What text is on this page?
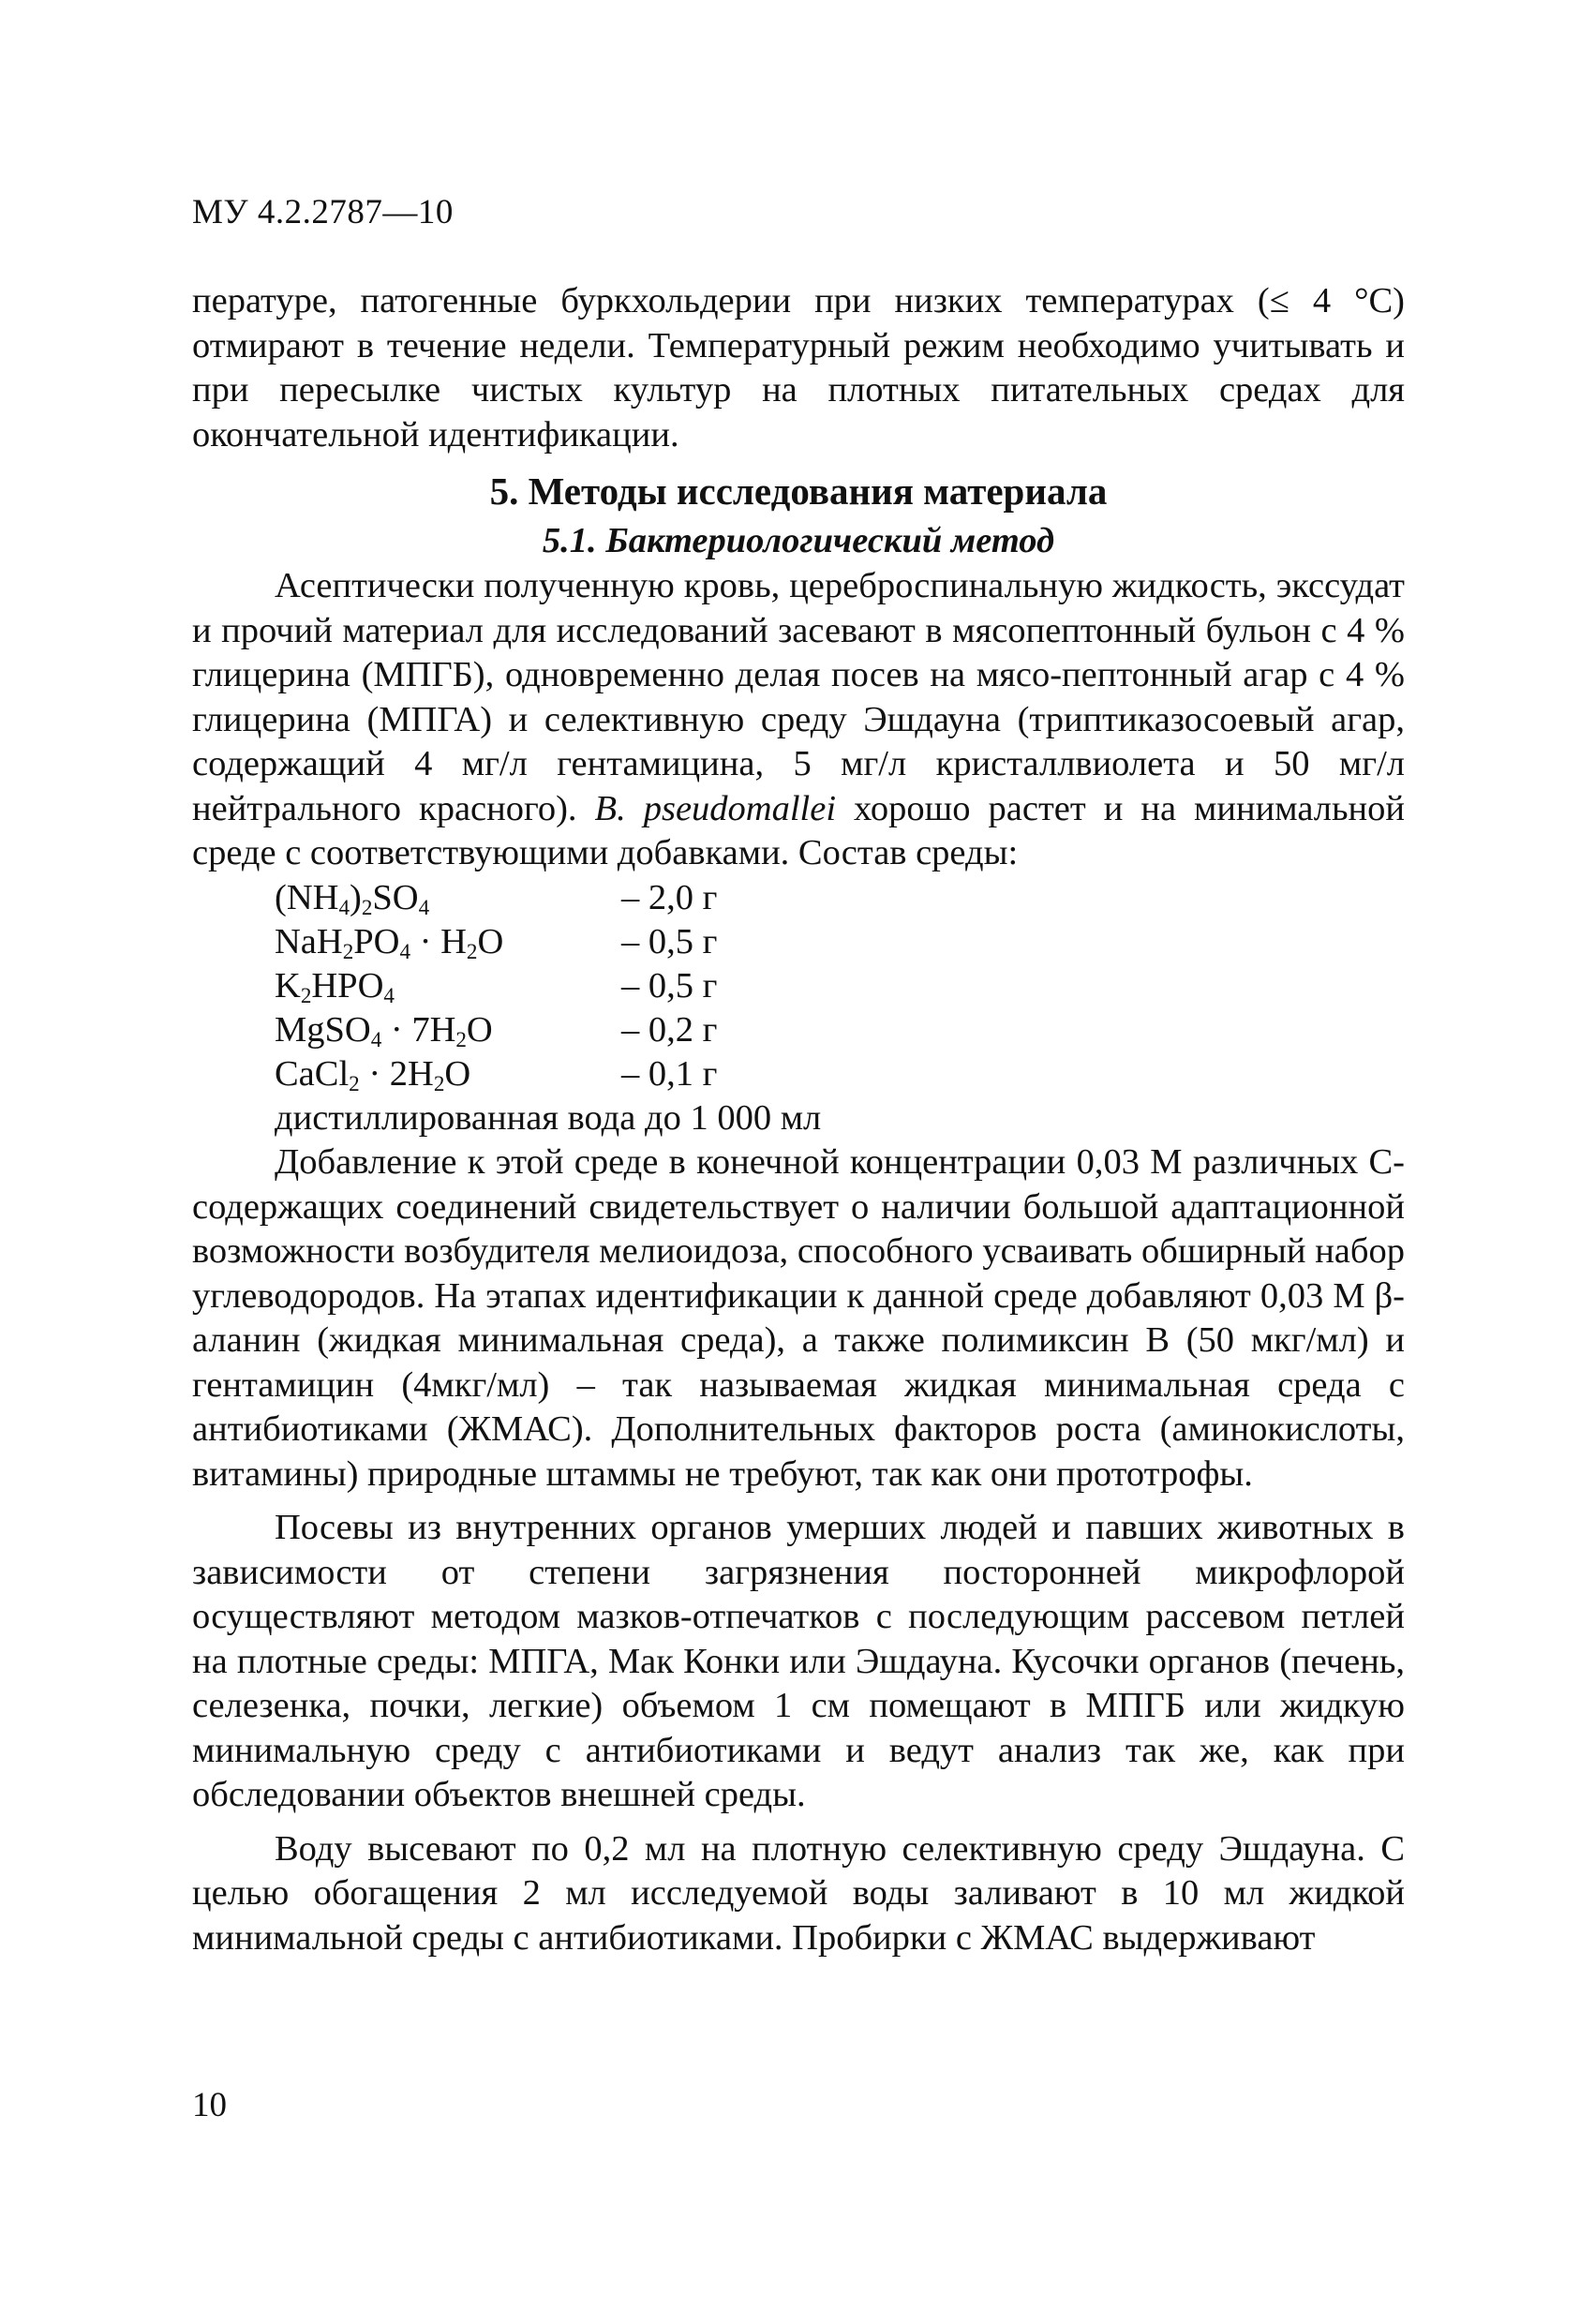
МУ 4.2.2787—10

пературе, патогенные буркхольдерии при низких температурах (≤ 4 °C) отмирают в течение недели. Температурный режим необходимо учитывать и при пересылке чистых культур на плотных питательных средах для окончательной идентификации.

5. Методы исследования материала
5.1. Бактериологический метод

Асептически полученную кровь, цереброспинальную жидкость, экссудат и прочий материал для исследований засевают в мясопептонный бульон с 4 % глицерина (МПГБ), одновременно делая посев на мясо-пептонный агар с 4 % глицерина (МПГА) и селективную среду Эшдауна (триптиказосоевый агар, содержащий 4 мг/л гентамицина, 5 мг/л кристаллвиолета и 50 мг/л нейтрального красного). B. pseudomallei хорошо растет и на минимальной среде с соответствующими добавками. Состав среды:

$(NH_4)_2SO_4$	– 2,0 г
$NaH_2PO_4 \cdot H_2O$	– 0,5 г
$K_2HPO_4$	– 0,5 г
MgSO$_4$ · $7H_2O$	– 0,2 г
CaCl$_2$ · $2H_2O$	– 0,1 г
дистиллированная вода до 1 000 мл

Добавление к этой среде в конечной концентрации 0,03 М различных С-содержащих соединений свидетельствует о наличии большой адаптационной возможности возбудителя мелиоидоза, способного усваивать обширный набор углеводородов. На этапах идентификации к данной среде добавляют 0,03 М β-аланин (жидкая минимальная среда), а также полимиксин В (50 мкг/мл) и гентамицин (4мкг/мл) – так называемая жидкая минимальная среда с антибиотиками (ЖМАС). Дополнительных факторов роста (аминокислоты, витамины) природные штаммы не требуют, так как они прототрофы.

Посевы из внутренних органов умерших людей и павших животных в зависимости от степени загрязнения посторонней микрофлорой осуществляют методом мазков-отпечатков с последующим рассевом петлей на плотные среды: МПГА, Мак Конки или Эшдауна. Кусочки органов (печень, селезенка, почки, легкие) объемом 1 см помещают в МПГБ или жидкую минимальную среду с антибиотиками и ведут анализ так же, как при обследовании объектов внешней среды.

Воду высевают по 0,2 мл на плотную селективную среду Эшдауна. С целью обогащения 2 мл исследуемой воды заливают в 10 мл жидкой минимальной среды с антибиотиками. Пробирки с ЖМАС выдерживают

10
